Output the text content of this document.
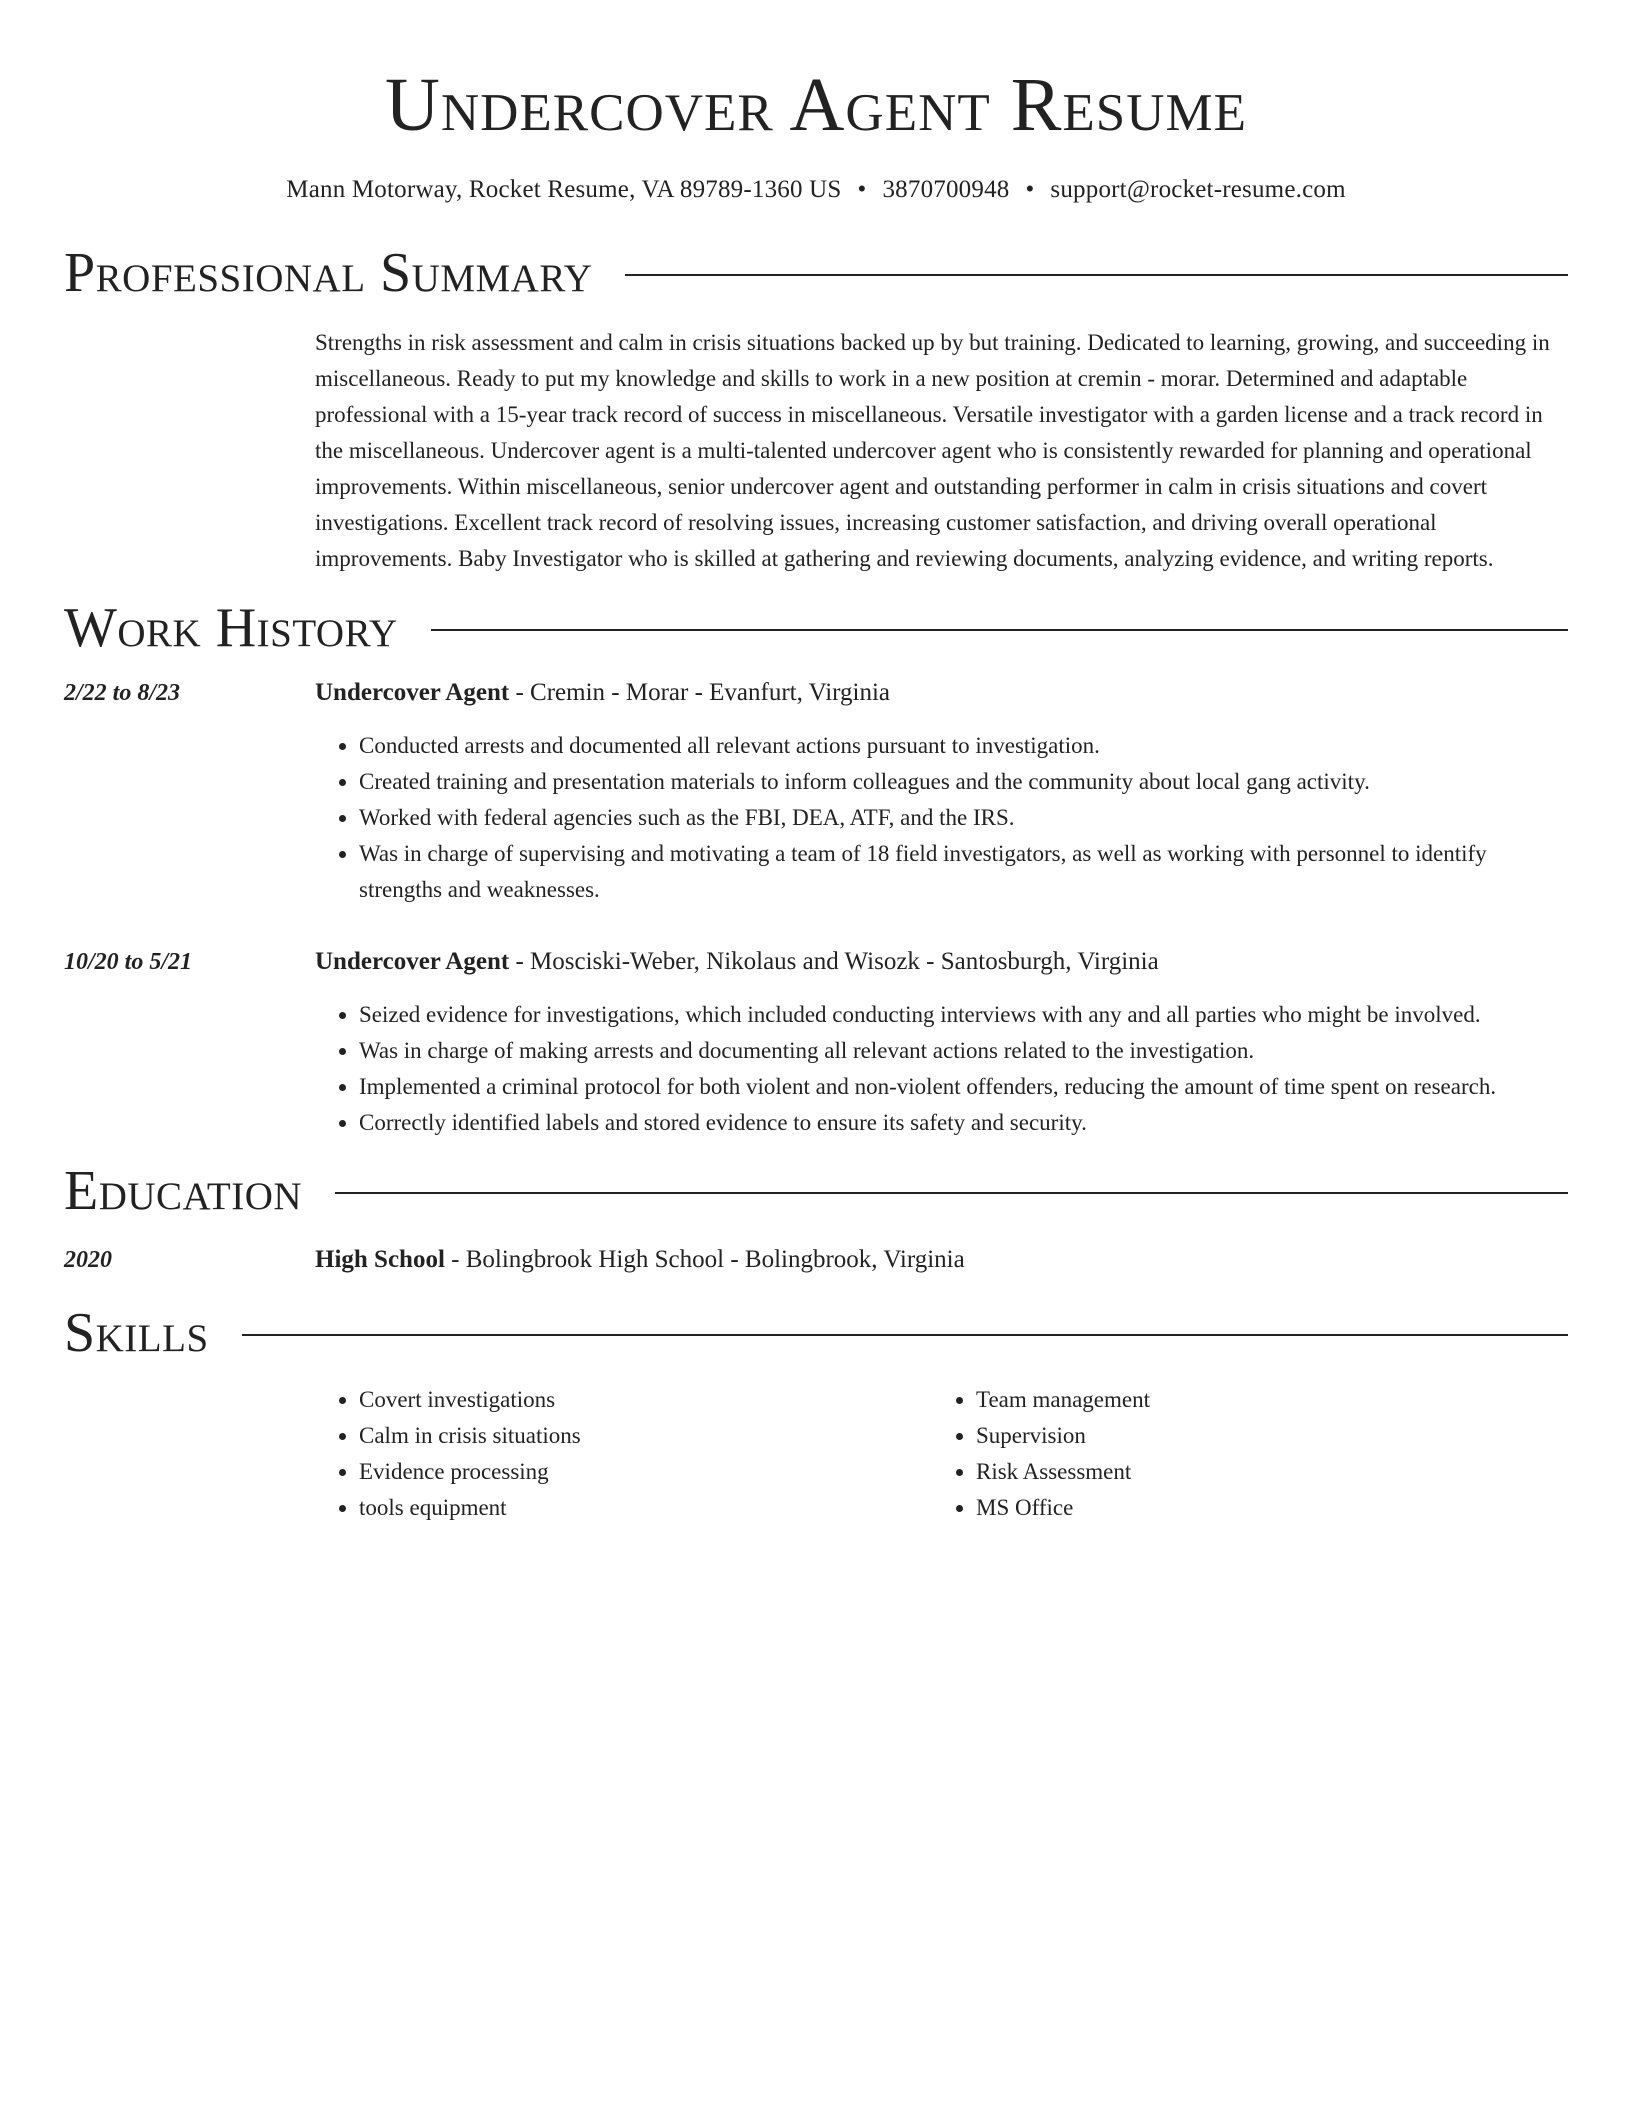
Undercover Agent Resume
Mann Motorway, Rocket Resume, VA 89789-1360 US • 3870700948 • support@rocket-resume.com
Professional Summary
Strengths in risk assessment and calm in crisis situations backed up by but training. Dedicated to learning, growing, and succeeding in miscellaneous. Ready to put my knowledge and skills to work in a new position at cremin - morar. Determined and adaptable professional with a 15-year track record of success in miscellaneous. Versatile investigator with a garden license and a track record in the miscellaneous. Undercover agent is a multi-talented undercover agent who is consistently rewarded for planning and operational improvements. Within miscellaneous, senior undercover agent and outstanding performer in calm in crisis situations and covert investigations. Excellent track record of resolving issues, increasing customer satisfaction, and driving overall operational improvements. Baby Investigator who is skilled at gathering and reviewing documents, analyzing evidence, and writing reports.
Work History
2/22 to 8/23	Undercover Agent - Cremin - Morar - Evanfurt, Virginia
• Conducted arrests and documented all relevant actions pursuant to investigation.
• Created training and presentation materials to inform colleagues and the community about local gang activity.
• Worked with federal agencies such as the FBI, DEA, ATF, and the IRS.
• Was in charge of supervising and motivating a team of 18 field investigators, as well as working with personnel to identify strengths and weaknesses.
10/20 to 5/21	Undercover Agent - Mosciski-Weber, Nikolaus and Wisozk - Santosburgh, Virginia
• Seized evidence for investigations, which included conducting interviews with any and all parties who might be involved.
• Was in charge of making arrests and documenting all relevant actions related to the investigation.
• Implemented a criminal protocol for both violent and non-violent offenders, reducing the amount of time spent on research.
• Correctly identified labels and stored evidence to ensure its safety and security.
Education
2020	High School - Bolingbrook High School - Bolingbrook, Virginia
Skills
• Covert investigations
• Calm in crisis situations
• Evidence processing
• tools equipment
• Team management
• Supervision
• Risk Assessment
• MS Office
